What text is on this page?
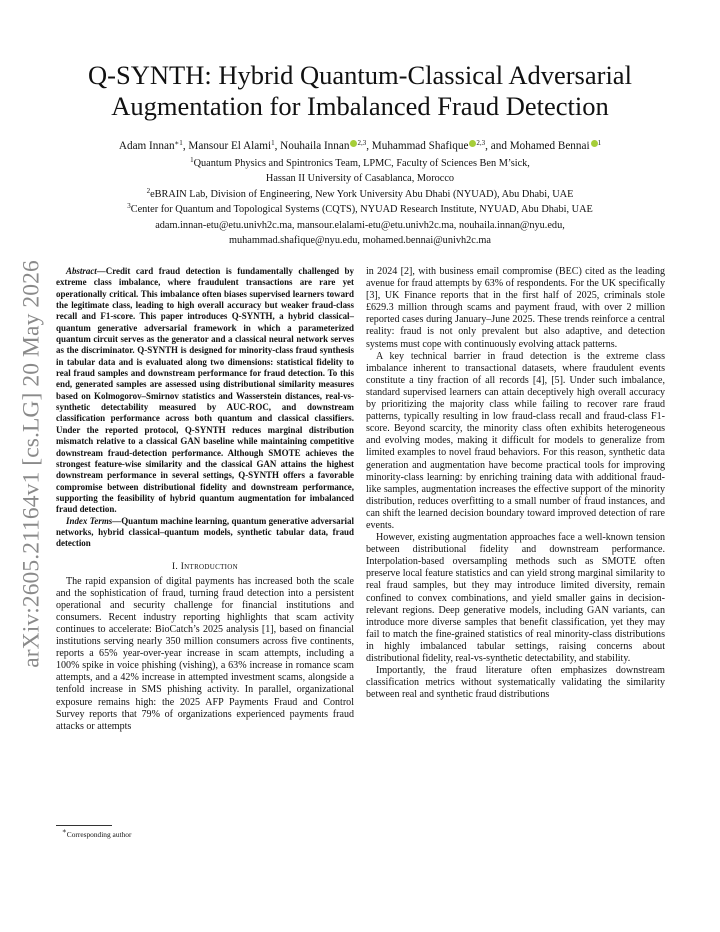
arXiv:2605.21164v1 [cs.LG] 20 May 2026
Q-SYNTH: Hybrid Quantum-Classical Adversarial
Augmentation for Imbalanced Fraud Detection
Adam Innan$^{∗1}$, Mansour El Alami$^1$, Nouhaila Innan $^{2,3}$, Muhammad Shafique $^{2,3}$, and Mohamed Bennai $^1$
$^1$Quantum Physics and Spintronics Team, LPMC, Faculty of Sciences Ben M’sick,
Hassan II University of Casablanca, Morocco
$^2$eBRAIN Lab, Division of Engineering, New York University Abu Dhabi (NYUAD), Abu Dhabi, UAE
$^3$Center for Quantum and Topological Systems (CQTS), NYUAD Research Institute, NYUAD, Abu Dhabi, UAE
adam.innan-etu@etu.univh2c.ma, mansour.elalami-etu@etu.univh2c.ma, nouhaila.innan@nyu.edu,
muhammad.shafique@nyu.edu, mohamed.bennai@univh2c.ma

Abstract—Credit card fraud detection is fundamentally challenged by extreme class imbalance, where fraudulent transactions are rare yet operationally critical. This imbalance often biases supervised learners toward the legitimate class, leading to high overall accuracy but weaker fraud-class recall and F1-score. This paper introduces Q-SYNTH, a hybrid classical–quantum generative adversarial framework in which a parameterized quantum circuit serves as the generator and a classical neural network serves as the discriminator. Q-SYNTH is designed for minority-class fraud synthesis in tabular data and is evaluated along two dimensions: statistical fidelity to real fraud samples and downstream performance for fraud detection. To this end, generated samples are assessed using distributional similarity measures based on Kolmogorov–Smirnov statistics and Wasserstein distances, real-vs-synthetic detectability measured by AUC-ROC, and downstream classification performance across both quantum and classical classifiers. Under the reported protocol, Q-SYNTH reduces marginal distribution mismatch relative to a classical GAN baseline while maintaining competitive downstream fraud-detection performance. Although SMOTE achieves the strongest feature-wise similarity and the classical GAN attains the highest downstream performance in several settings, Q-SYNTH offers a favorable compromise between distributional fidelity and downstream performance, supporting the feasibility of hybrid quantum augmentation for imbalanced fraud detection.

Index Terms—Quantum machine learning, quantum generative adversarial networks, hybrid classical–quantum models, synthetic tabular data, fraud detection

I. Introduction

The rapid expansion of digital payments has increased both the scale and the sophistication of fraud, turning fraud detection into a persistent operational and security challenge for financial institutions and consumers. Recent industry reporting highlights that scam activity continues to accelerate: BioCatch’s 2025 analysis [1], based on financial institutions serving nearly 350 million consumers across five continents, reports a 65% year-over-year increase in scam attempts, including a 100% spike in voice phishing (vishing), a 63% increase in romance scam attempts, and a 42% increase in attempted investment scams, alongside a tenfold increase in SMS phishing activity. In parallel, organizational exposure remains high: the 2025 AFP Payments Fraud and Control Survey reports that 79% of organizations experienced payments fraud attacks or attempts

in 2024 [2], with business email compromise (BEC) cited as the leading avenue for fraud attempts by 63% of respondents. For the UK specifically [3], UK Finance reports that in the first half of 2025, criminals stole £629.3 million through scams and payment fraud, with over 2 million reported cases during January–June 2025. These trends reinforce a central reality: fraud is not only prevalent but also adaptive, and detection systems must cope with continuously evolving attack patterns.

A key technical barrier in fraud detection is the extreme class imbalance inherent to transactional datasets, where fraudulent events constitute a tiny fraction of all records [4], [5]. Under such imbalance, standard supervised learners can attain deceptively high overall accuracy by prioritizing the majority class while failing to recover rare fraud patterns, typically resulting in low fraud-class recall and fraud-class F1-score. Beyond scarcity, the minority class often exhibits heterogeneous and evolving modes, making it difficult for models to generalize from limited examples to novel fraud behaviors. For this reason, synthetic data generation and augmentation have become practical tools for improving minority-class learning: by enriching training data with additional fraud-like samples, augmentation increases the effective support of the minority distribution, reduces overfitting to a small number of fraud instances, and can shift the learned decision boundary toward improved detection of rare events.

However, existing augmentation approaches face a well-known tension between distributional fidelity and downstream performance. Interpolation-based oversampling methods such as SMOTE often preserve local feature statistics and can yield strong marginal similarity to real fraud samples, but they may introduce limited diversity, remain confined to convex combinations, and yield smaller gains in decision-relevant regions. Deep generative models, including GAN variants, can introduce more diverse samples that benefit classification, yet they may fail to match the fine-grained statistics of real minority-class distributions in highly imbalanced tabular settings, raising concerns about distributional fidelity, real-vs-synthetic detectability, and stability.

Importantly, the fraud literature often emphasizes downstream classification metrics without systematically validating the similarity between real and synthetic fraud distributions

∗Corresponding author
